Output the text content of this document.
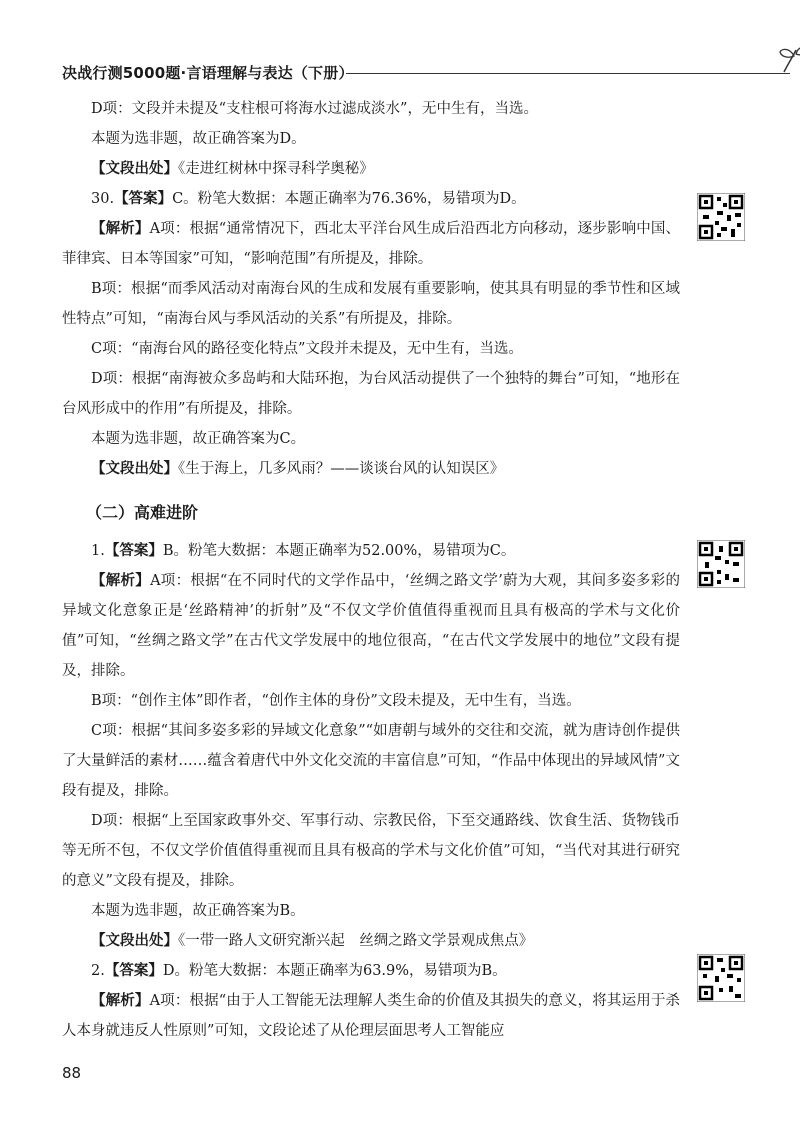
决战行测5000题·言语理解与表达（下册）

D项：文段并未提及“支柱根可将海水过滤成淡水”，无中生有，当选。

本题为选非题，故正确答案为D。

【文段出处】《走进红树林中探寻科学奥秘》

30.【答案】C。粉笔大数据：本题正确率为76.36%，易错项为D。

【解析】A项：根据“通常情况下，西北太平洋台风生成后沿西北方向移动，逐步影响中国、菲律宾、日本等国家”可知，“影响范围”有所提及，排除。

B项：根据“而季风活动对南海台风的生成和发展有重要影响，使其具有明显的季节性和区域性特点”可知，“南海台风与季风活动的关系”有所提及，排除。

C项：“南海台风的路径变化特点”文段并未提及，无中生有，当选。

D项：根据“南海被众多岛屿和大陆环抱，为台风活动提供了一个独特的舞台”可知，“地形在台风形成中的作用”有所提及，排除。

本题为选非题，故正确答案为C。

【文段出处】《生于海上，几多风雨？——谈谈台风的认知误区》

（二）高难进阶

1.【答案】B。粉笔大数据：本题正确率为52.00%，易错项为C。

【解析】A项：根据“在不同时代的文学作品中，‘丝绸之路文学’蔚为大观，其间多姿多彩的异域文化意象正是‘丝路精神’的折射”及“不仅文学价值值得重视而且具有极高的学术与文化价值”可知，“丝绸之路文学”在古代文学发展中的地位很高，“在古代文学发展中的地位”文段有提及，排除。

B项：“创作主体”即作者，“创作主体的身份”文段未提及，无中生有，当选。

C项：根据“其间多姿多彩的异域文化意象”“如唐朝与域外的交往和交流，就为唐诗创作提供了大量鲜活的素材……蕴含着唐代中外文化交流的丰富信息”可知，“作品中体现出的异域风情”文段有提及，排除。

D项：根据“上至国家政事外交、军事行动、宗教民俗，下至交通路线、饮食生活、货物钱币等无所不包，不仅文学价值值得重视而且具有极高的学术与文化价值”可知，“当代对其进行研究的意义”文段有提及，排除。

本题为选非题，故正确答案为B。

【文段出处】《一带一路人文研究渐兴起　丝绸之路文学景观成焦点》

2.【答案】D。粉笔大数据：本题正确率为63.9%，易错项为B。

【解析】A项：根据“由于人工智能无法理解人类生命的价值及其损失的意义，将其运用于杀人本身就违反人性原则”可知，文段论述了从伦理层面思考人工智能应

88
